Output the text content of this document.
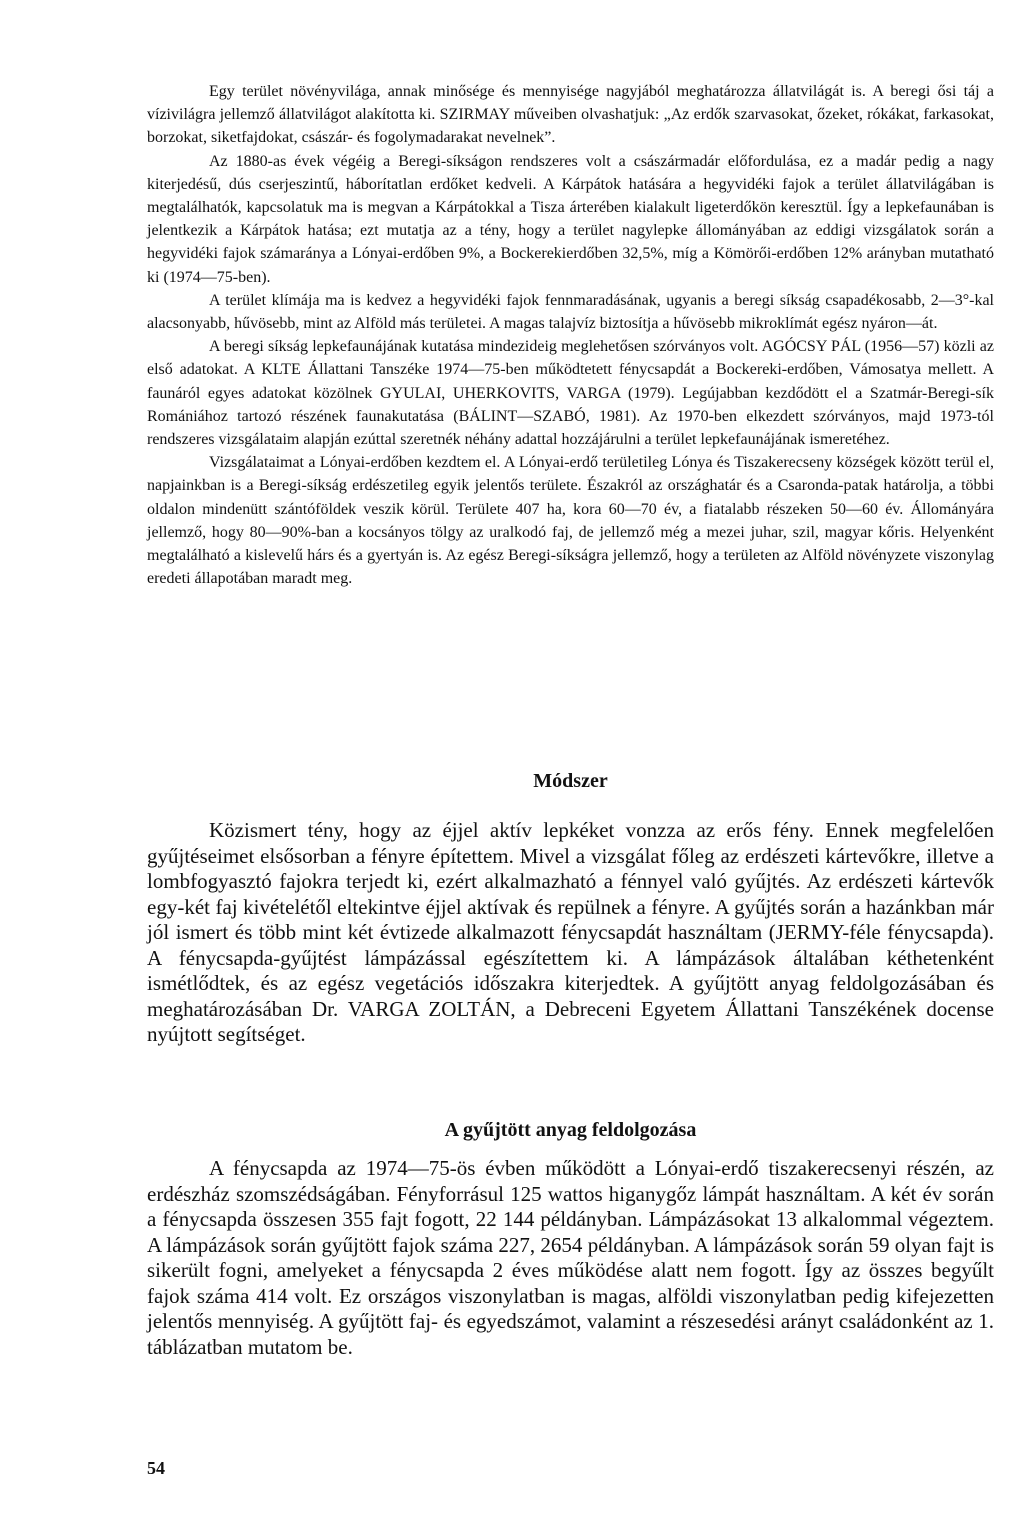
Egy terület növényvilága, annak minősége és mennyisége nagyjából meghatározza állatvilágát is. A beregi ősi táj a vízivilágra jellemző állatvilágot alakította ki. SZIRMAY műveiben olvashatjuk: „Az erdők szarvasokat, őzeket, rókákat, farkasokat, borzokat, siketfajdokat, császár- és fogolymadarakat nevelnek”.

Az 1880-as évek végéig a Beregi-síkságon rendszeres volt a császármadár előfordulása, ez a madár pedig a nagy kiterjedésű, dús cserjeszintű, háborítatlan erdőket kedveli. A Kárpátok hatására a hegyvidéki fajok a terület állatvilágában is megtalálhatók, kapcsolatuk ma is megvan a Kárpátokkal a Tisza árterében kialakult ligeterdőkön keresztül. Így a lepkefaunában is jelentkezik a Kárpátok hatása; ezt mutatja az a tény, hogy a terület nagylepke állományában az eddigi vizsgálatok során a hegyvidéki fajok számaránya a Lónyai-erdőben 9%, a Bockerekierdőben 32,5%, míg a Kömörői-erdőben 12% arányban mutatható ki (1974—75-ben).

A terület klímája ma is kedvez a hegyvidéki fajok fennmaradásának, ugyanis a beregi síkság csapadékosabb, 2—3°-kal alacsonyabb, hűvösebb, mint az Alföld más területei. A magas talajvíz biztosítja a hűvösebb mikroklímát egész nyáron—át.

A beregi síkság lepkefaunájának kutatása mindezideig meglehetősen szórványos volt. AGÓCSY PÁL (1956—57) közli az első adatokat. A KLTE Állattani Tanszéke 1974—75-ben működtetett fénycsapdát a Bockereki-erdőben, Vámosatya mellett. A faunáról egyes adatokat közölnek GYULAI, UHERKOVITS, VARGA (1979). Legújabban kezdődött el a Szatmár-Beregi-sík Romániához tartozó részének faunakutatása (BÁLINT—SZABÓ, 1981). Az 1970-ben elkezdett szórványos, majd 1973-tól rendszeres vizsgálataim alapján ezúttal szeretnék néhány adattal hozzájárulni a terület lepkefaunájának ismeretéhez.

Vizsgálataimat a Lónyai-erdőben kezdtem el. A Lónyai-erdő területileg Lónya és Tiszakerecseny községek között terül el, napjainkban is a Beregi-síkság erdészetileg egyik jelentős területe. Északról az országhatár és a Csaronda-patak határolja, a többi oldalon mindenütt szántóföldek veszik körül. Területe 407 ha, kora 60—70 év, a fiatalabb részeken 50—60 év. Állományára jellemző, hogy 80—90%-ban a kocsányos tölgy az uralkodó faj, de jellemző még a mezei juhar, szil, magyar kőris. Helyenként megtalálható a kislevelű hárs és a gyertyán is. Az egész Beregi-síkságra jellemző, hogy a területen az Alföld növényzete viszonylag eredeti állapotában maradt meg.

Módszer

Közismert tény, hogy az éjjel aktív lepkéket vonzza az erős fény. Ennek megfelelően gyűjtéseimet elsősorban a fényre építettem. Mivel a vizsgálat főleg az erdészeti kártevőkre, illetve a lombfogyasztó fajokra terjedt ki, ezért alkalmazható a fénnyel való gyűjtés. Az erdészeti kártevők egy-két faj kivételétől eltekintve éjjel aktívak és repülnek a fényre. A gyűjtés során a hazánkban már jól ismert és több mint két évtizede alkalmazott fénycsapdát használtam (JERMY-féle fénycsapda). A fénycsapda-gyűjtést lámpázással egészítettem ki. A lámpázások általában kéthetenként ismétlődtek, és az egész vegetációs időszakra kiterjedtek. A gyűjtött anyag feldolgozásában és meghatározásában Dr. VARGA ZOLTÁN, a Debreceni Egyetem Állattani Tanszékének docense nyújtott segítséget.

A gyűjtött anyag feldolgozása

A fénycsapda az 1974—75-ös évben működött a Lónyai-erdő tiszakerecsenyi részén, az erdészház szomszédságában. Fényforrásul 125 wattos higanygőz lámpát használtam. A két év során a fénycsapda összesen 355 fajt fogott, 22 144 példányban. Lámpázásokat 13 alkalommal végeztem. A lámpázások során gyűjtött fajok száma 227, 2654 példányban. A lámpázások során 59 olyan fajt is sikerült fogni, amelyeket a fénycsapda 2 éves működése alatt nem fogott. Így az összes begyűlt fajok száma 414 volt. Ez országos viszonylatban is magas, alföldi viszonylatban pedig kifejezetten jelentős mennyiség. A gyűjtött faj- és egyedszámot, valamint a részesedési arányt családonként az 1. táblázatban mutatom be.

54
